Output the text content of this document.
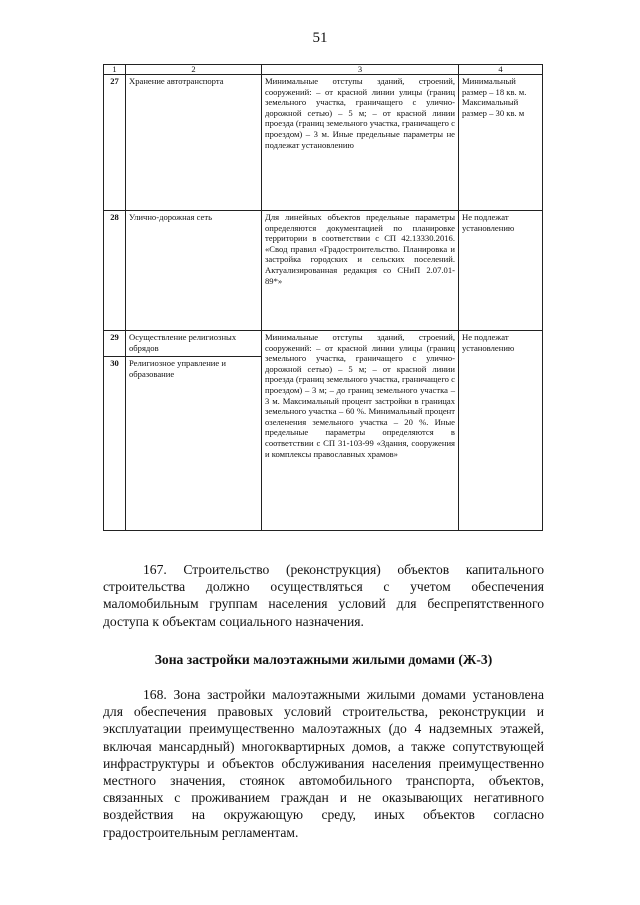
51
1	2	3	4
27	Хранение автотранспорта	Минимальные отступы зданий, строений, сооружений: – от красной линии улицы (границ земельного участка, граничащего с улично-дорожной сетью) – 5 м; – от красной линии проезда (границ земельного участка, граничащего с проездом) – 3 м. Иные предельные параметры не подлежат установлению	Минимальный размер – 18 кв. м. Максимальный размер – 30 кв. м
28	Улично-дорожная сеть	Для линейных объектов предельные параметры определяются документацией по планировке территории в соответствии с СП 42.13330.2016. «Свод правил «Градостроительство. Планировка и застройка городских и сельских поселений. Актуализированная редакция со СНиП 2.07.01-89*»	Не подлежат установлению
29	Осуществление религиозных обрядов	Минимальные отступы зданий, строений, сооружений: – от красной линии улицы (границ земельного участка, граничащего с улично-дорожной сетью) – 5 м; – от красной линии проезда (границ земельного участка, граничащего с проездом) – 3 м; – до границ земельного участка – 3 м. Максимальный процент застройки в границах земельного участка – 60 %. Минимальный процент озеленения земельного участка – 20 %. Иные предельные параметры определяются в соответствии с СП 31-103-99 «Здания, сооружения и комплексы православных храмов»	Не подлежат установлению
30	Религиозное управление и образование		

167. Строительство (реконструкция) объектов капитального строительства должно осуществляться с учетом обеспечения маломобильным группам населения условий для беспрепятственного доступа к объектам социального назначения.

Зона застройки малоэтажными жилыми домами (Ж-3)

168. Зона застройки малоэтажными жилыми домами установлена для обеспечения правовых условий строительства, реконструкции и эксплуатации преимущественно малоэтажных (до 4 надземных этажей, включая мансардный) многоквартирных домов, а также сопутствующей инфраструктуры и объектов обслуживания населения преимущественно местного значения, стоянок автомобильного транспорта, объектов, связанных с проживанием граждан и не оказывающих негативного воздействия на окружающую среду, иных объектов согласно градостроительным регламентам.
